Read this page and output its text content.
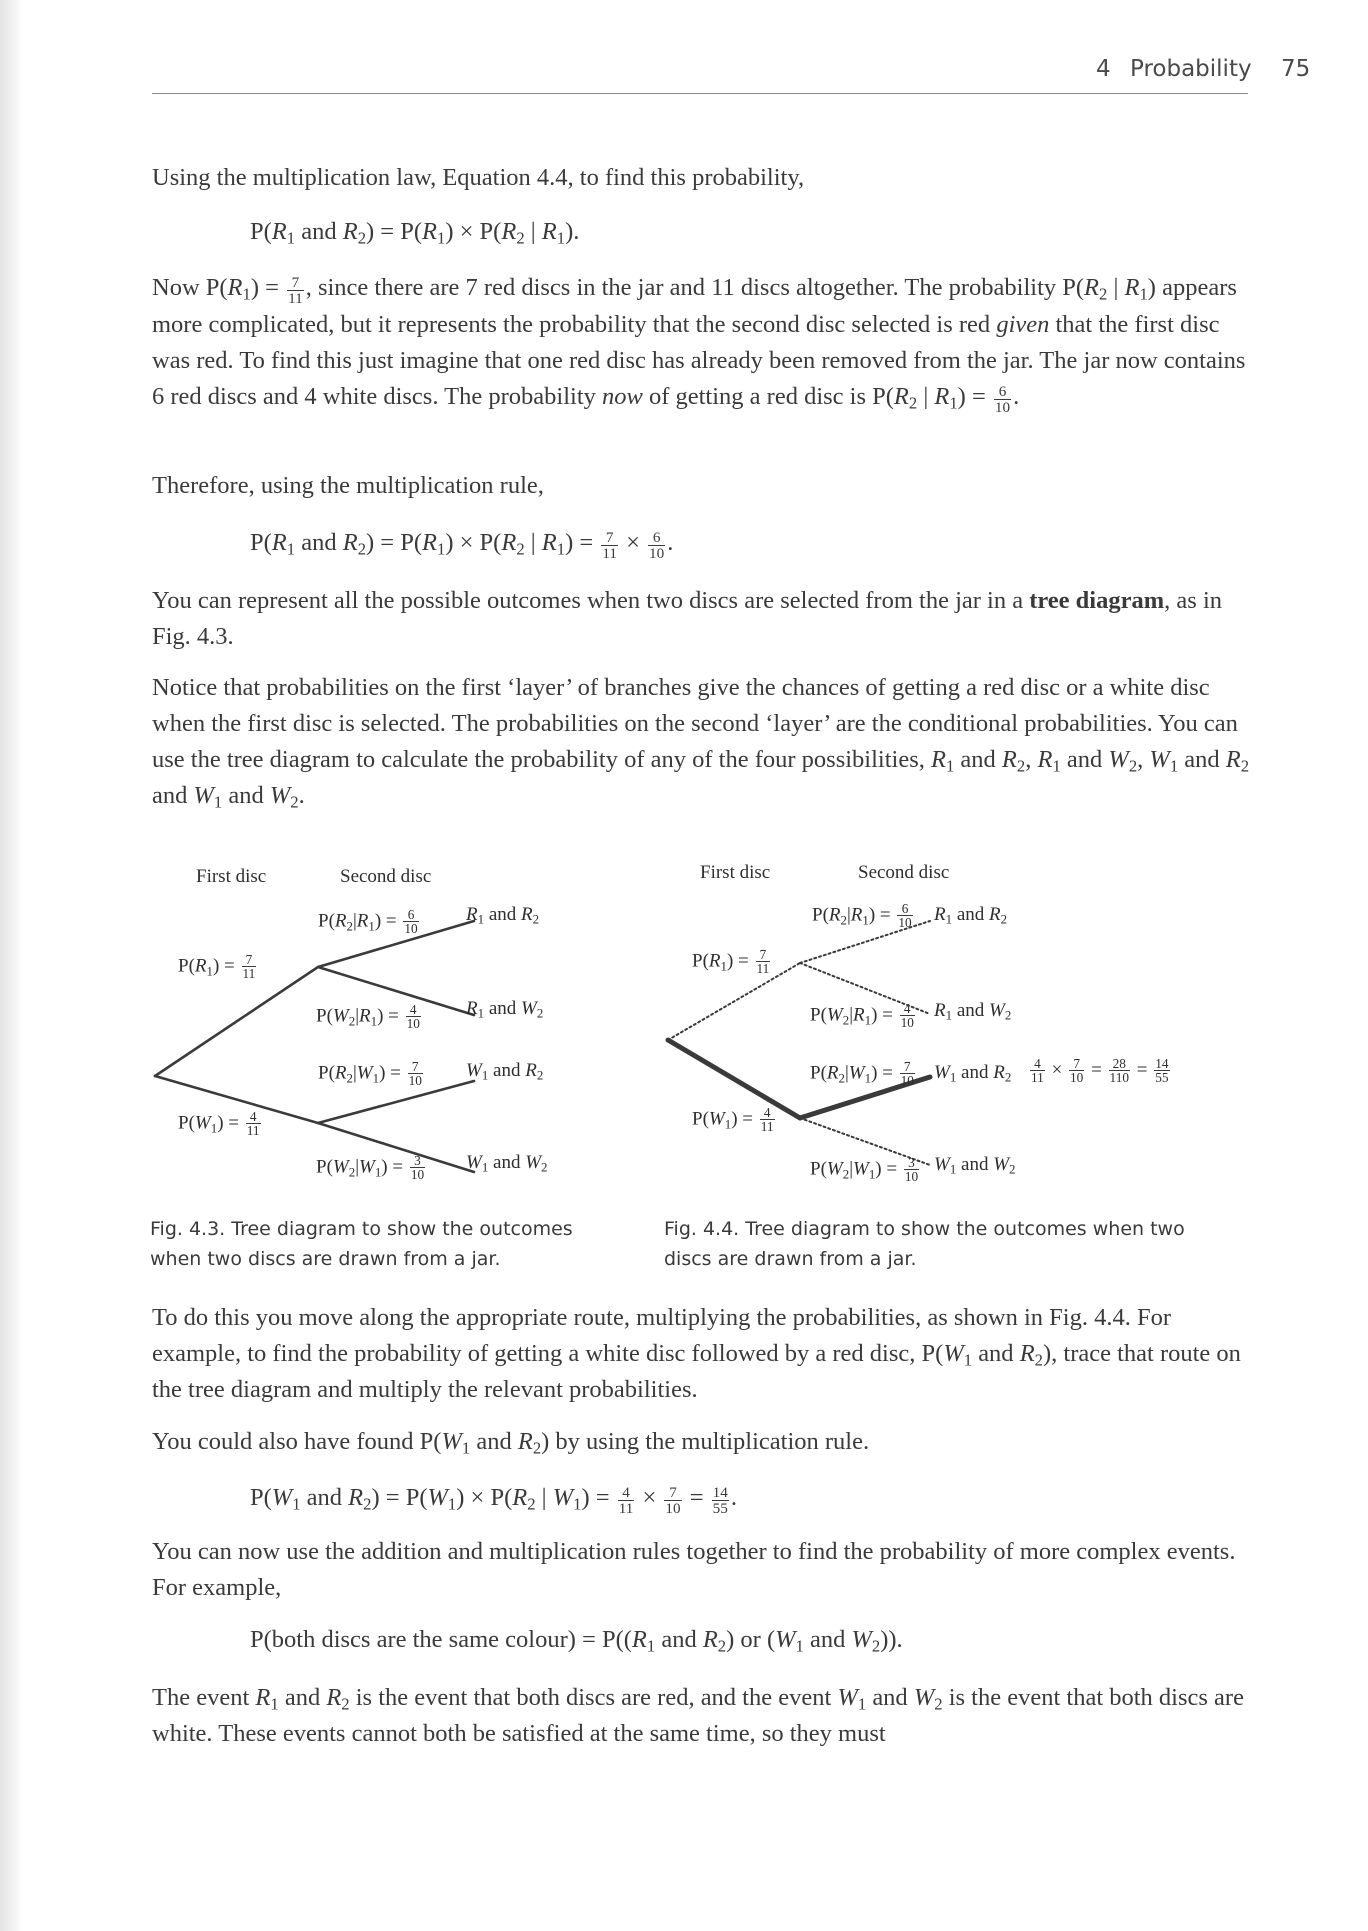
4 Probability 75

Using the multiplication law, Equation 4.4, to find this probability,

$P(R_1$ and $R_2) = P(R_1) \times P(R_2$ | $R_1$).

Now $P(R_1) = \frac{7}{11}$ , since there are 7 red discs in the jar and 11 discs altogether. The probability $P(R_2$ | $R_1$) appears more complicated, but it represents the probability that the second disc selected is red given that the first disc was red. To find this just imagine that one red disc has already been removed from the jar. The jar now contains 6 red discs and 4 white discs. The probability now of getting a red disc is $P(R_2$ | $R_1) = \frac{6}{10}$ .

Therefore, using the multiplication rule,

$P(R_1$ and $R_2) = P(R_1) \times P(R_2$ | $R_1) = \frac{7}{11} \times \frac{6}{10}$ .

You can represent all the possible outcomes when two discs are selected from the jar in a tree diagram, as in Fig. 4.3.

Notice that probabilities on the first ‘layer’ of branches give the chances of getting a red disc or a white disc when the first disc is selected. The probabilities on the second ‘layer’ are the conditional probabilities. You can use the tree diagram to calculate the probability of any of the four possibilities, $R_1$ and $R_2$, $R_1$ and $W_2$, $W_1$ and $R_2$ and $W_1$ and $W_2$.

First disc	Second disc
$P(R_1) = \frac{7}{11}$
$P(W_1) = \frac{4}{11}$
$P(R_2|R_1) = \frac{6}{10} R_1$ and $R_2$
$P(W_2|R_1) = \frac{4}{10} R_1$ and $W_2$
$P(R_2|W_1) = \frac{7}{10} W_1$ and $R_2$
$P(W_2|W_1) = \frac{3}{10} W_1$ and $W_2$
First disc	Second disc
$P(R_1) = \frac{7}{11}$
$P(W_1) = \frac{4}{11}$
$P(R_2|R_1) = \frac{6}{10} R_1$ and $R_2$
$P(W_2|R_1) = \frac{4}{10} R_1$ and $W_2$
$P(R_2|W_1) = \frac{7}{10} W_1$ and $R_2$
$P(W_2|W_1) = \frac{3}{10} W_1$ and $W_2$
$\frac{4}{11} \times \frac{7}{10} = \frac{28}{110} = \frac{14}{55}$
Fig. 4.3. Tree diagram to show the outcomes when two discs are drawn from a jar.
Fig. 4.4. Tree diagram to show the outcomes when two discs are drawn from a jar.

To do this you move along the appropriate route, multiplying the probabilities, as shown in Fig. 4.4. For example, to find the probability of getting a white disc followed by a red disc, $P(W_1$ and $R_2$), trace that route on the tree diagram and multiply the relevant probabilities.

You could also have found $P(W_1$ and $R_2$) by using the multiplication rule.

$P(W_1$ and $R_2) = P(W_1) \times P(R_2$ | $W_1) = \frac{4}{11} \times \frac{7}{10} = \frac{14}{55}$ .

You can now use the addition and multiplication rules together to find the probability of more complex events. For example,

P(both discs are the same colour) = $P((R_1$ and $R_2$) or ($W_1$ and $W_2$)).

The event $R_1$ and $R_2$ is the event that both discs are red, and the event $W_1$ and $W_2$ is the event that both discs are white. These events cannot both be satisfied at the same time, so they must
